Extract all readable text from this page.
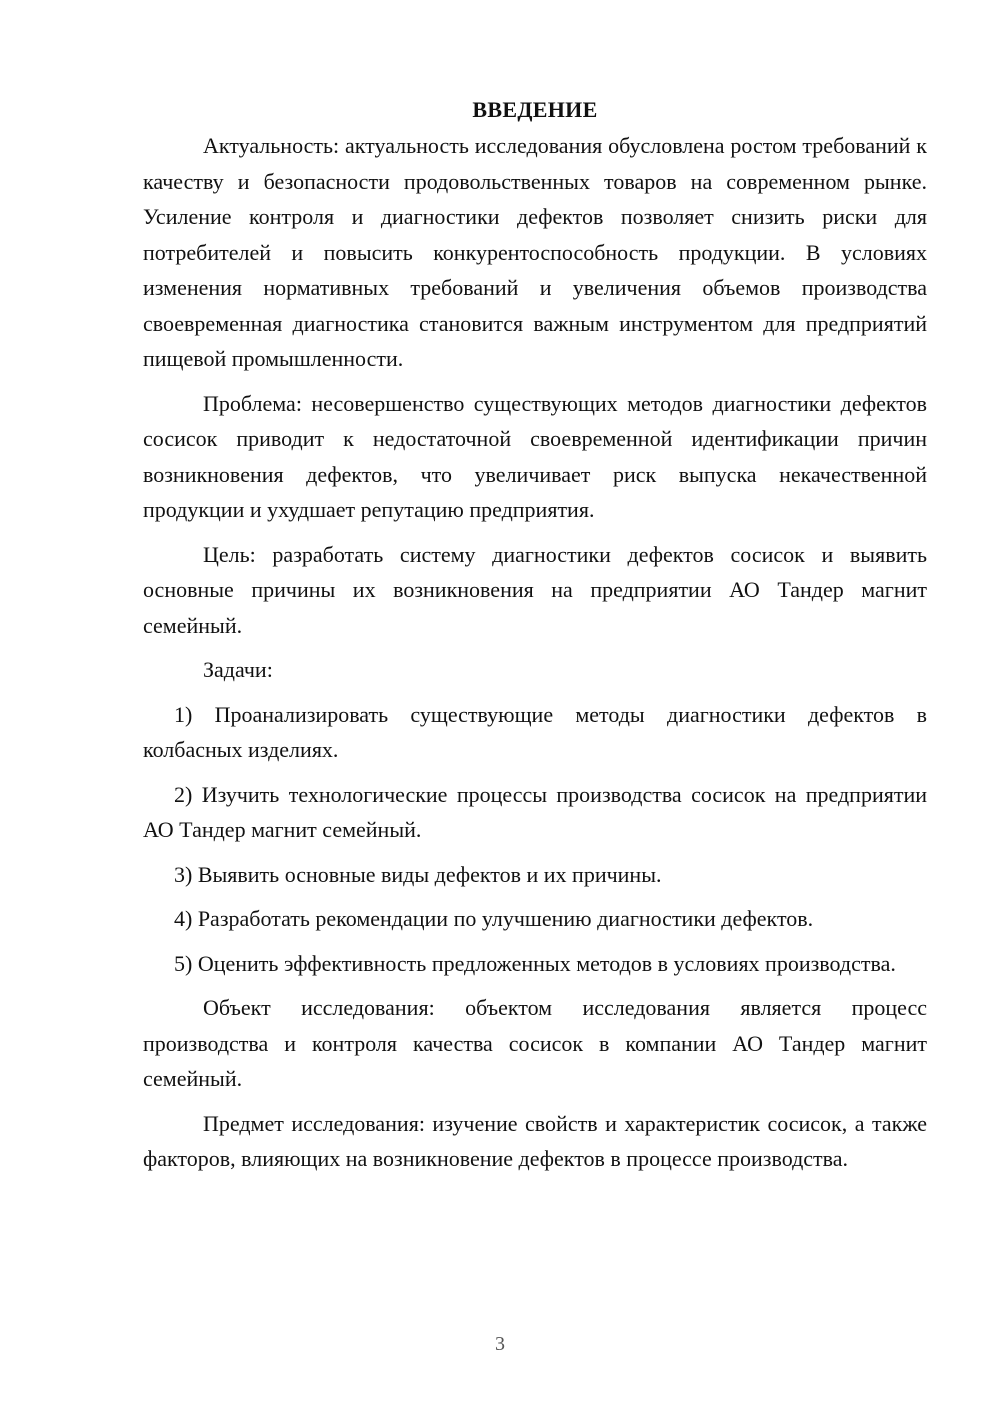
ВВЕДЕНИЕ

Актуальность: актуальность исследования обусловлена ростом требований к качеству и безопасности продовольственных товаров на современном рынке. Усиление контроля и диагностики дефектов позволяет снизить риски для потребителей и повысить конкурентоспособность продукции. В условиях изменения нормативных требований и увеличения объемов производства своевременная диагностика становится важным инструментом для предприятий пищевой промышленности.

Проблема: несовершенство существующих методов диагностики дефектов сосисок приводит к недостаточной своевременной идентификации причин возникновения дефектов, что увеличивает риск выпуска некачественной продукции и ухудшает репутацию предприятия.

Цель: разработать систему диагностики дефектов сосисок и выявить основные причины их возникновения на предприятии АО Тандер магнит семейный.

Задачи:

1) Проанализировать существующие методы диагностики дефектов в колбасных изделиях.

2) Изучить технологические процессы производства сосисок на предприятии АО Тандер магнит семейный.

3) Выявить основные виды дефектов и их причины.

4) Разработать рекомендации по улучшению диагностики дефектов.

5) Оценить эффективность предложенных методов в условиях производства.

Объект исследования: объектом исследования является процесс производства и контроля качества сосисок в компании АО Тандер магнит семейный.

Предмет исследования: изучение свойств и характеристик сосисок, а также факторов, влияющих на возникновение дефектов в процессе производства.

3
